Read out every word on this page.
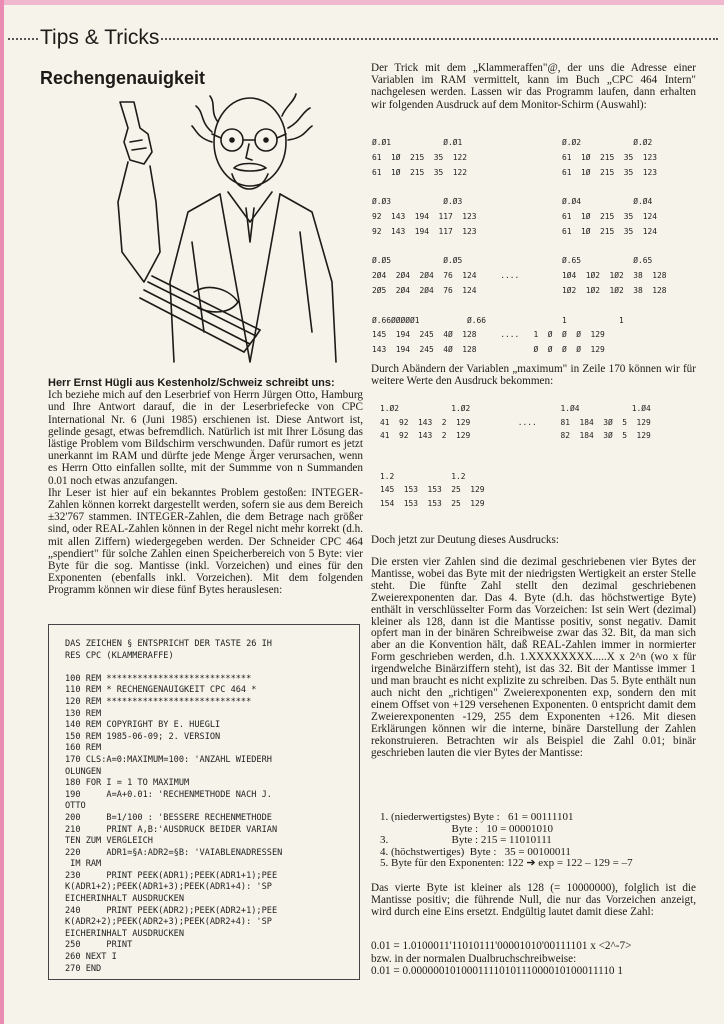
Tips & Tricks
Rechengenauigkeit
Herr Ernst Hügli aus Kestenholz/Schweiz schreibt uns:

Ich beziehe mich auf den Leserbrief von Herrn Jürgen Otto, Hamburg und Ihre Antwort darauf, die in der Leserbriefecke von CPC International Nr. 6 (Juni 1985) erschienen ist. Diese Antwort ist, gelinde gesagt, etwas befremdlich. Natürlich ist mit Ihrer Lösung das lästige Problem vom Bildschirm verschwunden. Dafür rumort es jetzt unerkannt im RAM und dürfte jede Menge Ärger verursachen, wenn es Herrn Otto einfallen sollte, mit der Summme von n Summanden 0.01 noch etwas anzufangen.

Ihr Leser ist hier auf ein bekanntes Problem gestoßen: INTEGER-Zahlen können korrekt dargestellt werden, sofern sie aus dem Bereich ±32'767 stammen. INTEGER-Zahlen, die dem Betrage nach größer sind, oder REAL-Zahlen können in der Regel nicht mehr korrekt (d.h. mit allen Ziffern) wiedergegeben werden. Der Schneider CPC 464 „spendiert" für solche Zahlen einen Speicherbereich von 5 Byte: vier Byte für die sog. Mantisse (inkl. Vorzeichen) und eines für den Exponenten (ebenfalls inkl. Vorzeichen). Mit dem folgenden Programm können wir diese fünf Bytes herauslesen:

DAS ZEICHEN § ENTSPRICHT DER TASTE 26 IH
RES CPC (KLAMMERAFFE)

100 REM ****************************
110 REM * RECHENGENAUIGKEIT CPC 464 *
120 REM ****************************
130 REM
140 REM COPYRIGHT BY E. HUEGLI
150 REM 1985-06-09; 2. VERSION
160 REM
170 CLS:A=0:MAXIMUM=100: 'ANZAHL WIEDERH
OLUNGEN
180 FOR I = 1 TO MAXIMUM
190     A=A+0.01: 'RECHENMETHODE NACH J.
OTTO
200     B=1/100 : 'BESSERE RECHENMETHODE
210     PRINT A,B:'AUSDRUCK BEIDER VARIAN
TEN ZUM VERGLEICH
220     ADR1=§A:ADR2=§B: 'VAIABLENADRESSEN
IM RAM
230     PRINT PEEK(ADR1);PEEK(ADR1+1);PEE
K(ADR1+2);PEEK(ADR1+3);PEEK(ADR1+4): 'SP
EICHERINHALT AUSDRUCKEN
240     PRINT PEEK(ADR2);PEEK(ADR2+1);PEE
K(ADR2+2);PEEK(ADR2+3);PEEK(ADR2+4): 'SP
EICHERINHALT AUSDRUCKEN
250     PRINT
260 NEXT I
270 END
Der Trick mit dem „Klammeraffen"@, der uns die Adresse einer Variablen im RAM vermittelt, kann im Buch „CPC 464 Intern" nachgelesen werden. Lassen wir das Programm laufen, dann erhalten wir folgenden Ausdruck auf dem Monitor-Schirm (Auswahl):
Ø.Ø1           Ø.Ø1                     Ø.Ø2           Ø.Ø2
61  1Ø  215  35  122                    61  1Ø  215  35  123
61  1Ø  215  35  122                    61  1Ø  215  35  123

Ø.Ø3           Ø.Ø3                     Ø.Ø4           Ø.Ø4
92  143  194  117  123                  61  1Ø  215  35  124
92  143  194  117  123                  61  1Ø  215  35  124

Ø.Ø5           Ø.Ø5                     Ø.65           Ø.65
2Ø4  2Ø4  2Ø4  76  124     ....         1Ø4  1Ø2  1Ø2  38  128
2Ø5  2Ø4  2Ø4  76  124                  1Ø2  1Ø2  1Ø2  38  128

Ø.66ØØØØØ1          Ø.66                1           1
145  194  245  4Ø  128     ....   1  Ø  Ø  Ø  129
143  194  245  4Ø  128            Ø  Ø  Ø  Ø  129
Durch Abändern der Variablen „maximum" in Zeile 170 können wir für weitere Werte den Ausdruck bekommen:
1.Ø2           1.Ø2                   1.Ø4           1.Ø4
41  92  143  2  129          ....     81  184  3Ø  5  129
41  92  143  2  129                   82  184  3Ø  5  129

1.2            1.2
145  153  153  25  129
154  153  153  25  129
Doch jetzt zur Deutung dieses Ausdrucks:
Die ersten vier Zahlen sind die dezimal geschriebenen vier Bytes der Mantisse, wobei das Byte mit der niedrigsten Wertigkeit an erster Stelle steht. Die fünfte Zahl stellt den dezimal geschriebenen Zweierexponenten dar. Das 4. Byte (d.h. das höchstwertige Byte) enthält in verschlüsselter Form das Vorzeichen: Ist sein Wert (dezimal) kleiner als 128, dann ist die Mantisse positiv, sonst negativ. Damit opfert man in der binären Schreibweise zwar das 32. Bit, da man sich aber an die Konvention hält, daß REAL-Zahlen immer in normierter Form geschrieben werden, d.h. 1.XXXXXXXX.....X x 2^n (wo x für irgendwelche Binärziffern steht), ist das 32. Bit der Mantisse immer 1 und man braucht es nicht explizite zu schreiben. Das 5. Byte enthält nun auch nicht den „richtigen" Zweierexponenten exp, sondern den mit einem Offset von +129 versehenen Exponenten. 0 entspricht damit dem Zweierexponenten -129, 255 dem Exponenten +126. Mit diesen Erklärungen können wir die interne, binäre Darstellung der Zahlen rekonstruieren. Betrachten wir als Beispiel die Zahl 0.01; binär geschrieben lauten die vier Bytes der Mantisse:
1. (niederwertigstes) Byte :   61 = 00111101
Byte :   10 = 00001010
3.                       Byte : 215 = 11010111
4. (höchstwertiges)  Byte :   35 = 00100011
5. Byte für den Exponenten: 122 ➔ exp = 122 – 129 = –7
Das vierte Byte ist kleiner als 128 (= 10000000), folglich ist die Mantisse positiv; die führende Null, die nur das Vorzeichen anzeigt, wird durch eine Eins ersetzt. Endgültig lautet damit diese Zahl:
0.01 = 1.0100011'11010111'00001010'00111101 x <2^-7>
bzw. in der normalen Dualbruchschreibweise:
0.01 = 0.0000001010001111010111000010100011110 1
